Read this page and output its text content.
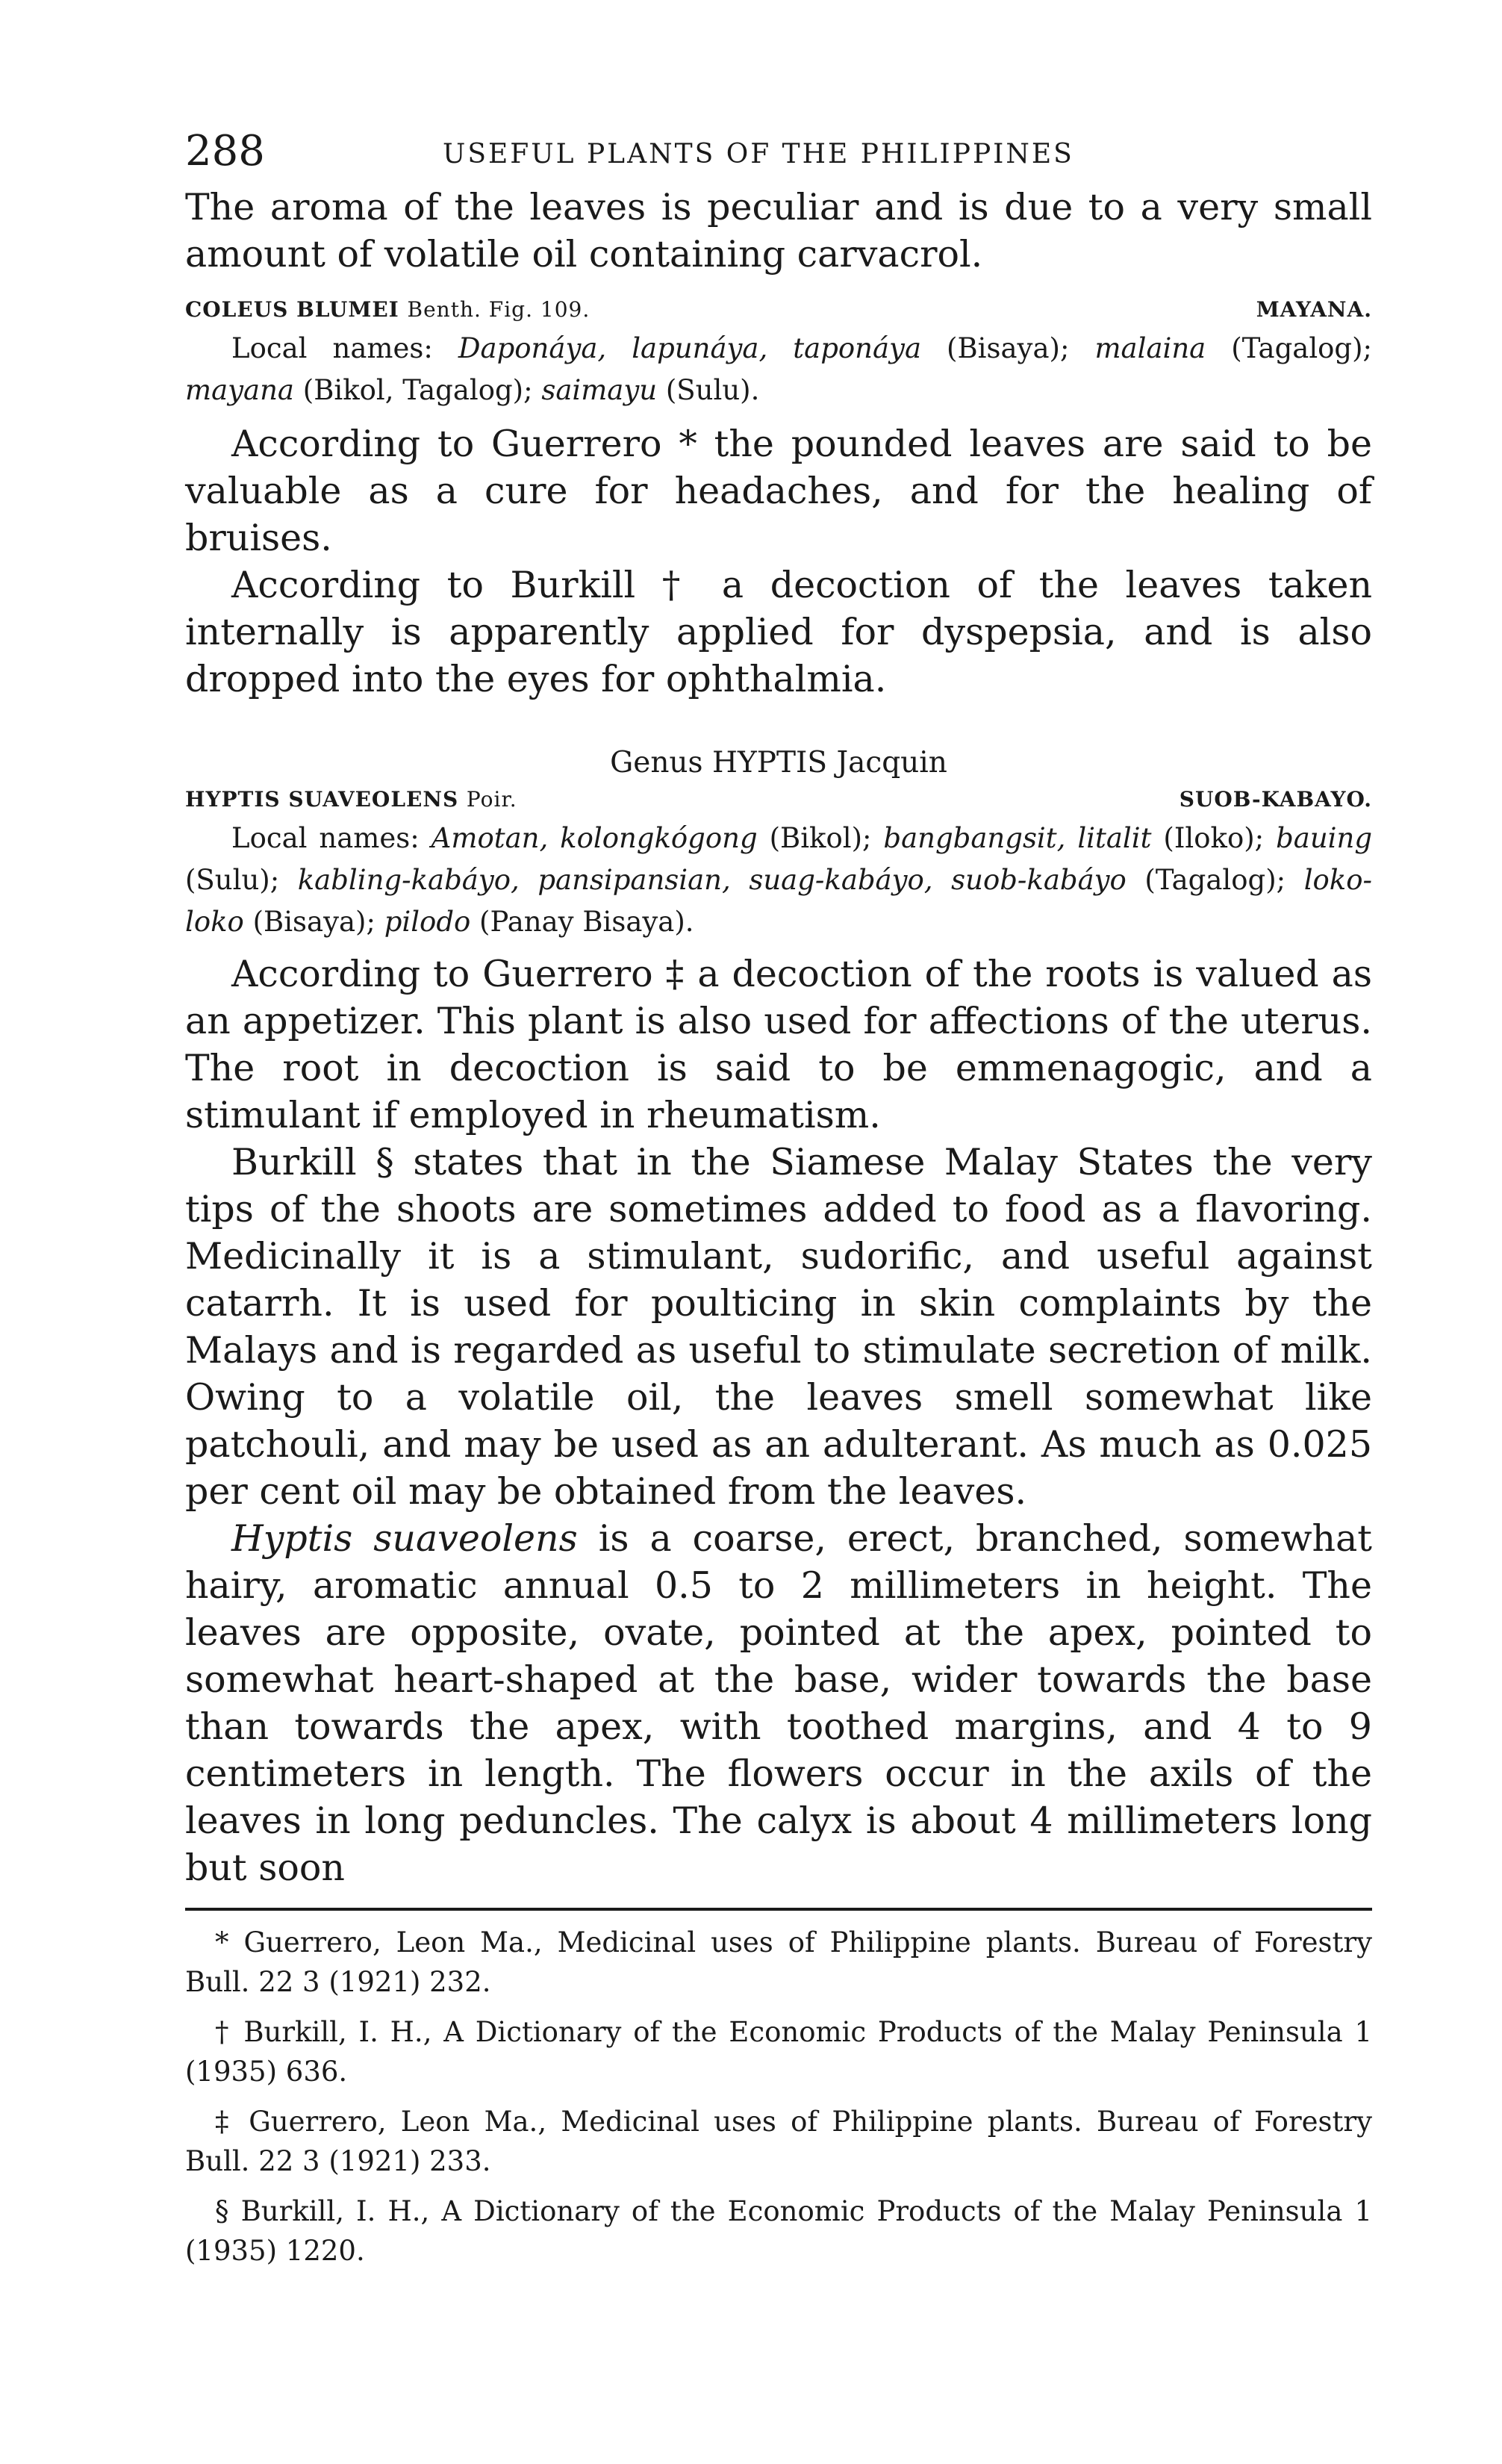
288	USEFUL PLANTS OF THE PHILIPPINES

The aroma of the leaves is peculiar and is due to a very small amount of volatile oil containing carvacrol.

COLEUS BLUMEI Benth. Fig. 109.	MAYANA.

Local names: Daponáya, lapunáya, taponáya (Bisaya); malaina (Tagalog); mayana (Bikol, Tagalog); saimayu (Sulu).

According to Guerrero * the pounded leaves are said to be valuable as a cure for headaches, and for the healing of bruises.

According to Burkill † a decoction of the leaves taken internally is apparently applied for dyspepsia, and is also dropped into the eyes for ophthalmia.

Genus HYPTIS Jacquin

HYPTIS SUAVEOLENS Poir.	SUOB-KABAYO.

Local names: Amotan, kolongkógong (Bikol); bangbangsit, litalit (Iloko); bauing (Sulu); kabling-kabáyo, pansipansian, suag-kabáyo, suob-kabáyo (Tagalog); loko-loko (Bisaya); pilodo (Panay Bisaya).

According to Guerrero ‡ a decoction of the roots is valued as an appetizer. This plant is also used for affections of the uterus. The root in decoction is said to be emmenagogic, and a stimulant if employed in rheumatism.

Burkill § states that in the Siamese Malay States the very tips of the shoots are sometimes added to food as a flavoring. Medicinally it is a stimulant, sudorific, and useful against catarrh. It is used for poulticing in skin complaints by the Malays and is regarded as useful to stimulate secretion of milk. Owing to a volatile oil, the leaves smell somewhat like patchouli, and may be used as an adulterant. As much as 0.025 per cent oil may be obtained from the leaves.

Hyptis suaveolens is a coarse, erect, branched, somewhat hairy, aromatic annual 0.5 to 2 millimeters in height. The leaves are opposite, ovate, pointed at the apex, pointed to somewhat heart-shaped at the base, wider towards the base than towards the apex, with toothed margins, and 4 to 9 centimeters in length. The flowers occur in the axils of the leaves in long peduncles. The calyx is about 4 millimeters long but soon

* Guerrero, Leon Ma., Medicinal uses of Philippine plants. Bureau of Forestry Bull. 22 3 (1921) 232.

† Burkill, I. H., A Dictionary of the Economic Products of the Malay Peninsula 1 (1935) 636.

‡ Guerrero, Leon Ma., Medicinal uses of Philippine plants. Bureau of Forestry Bull. 22 3 (1921) 233.

§ Burkill, I. H., A Dictionary of the Economic Products of the Malay Peninsula 1 (1935) 1220.
